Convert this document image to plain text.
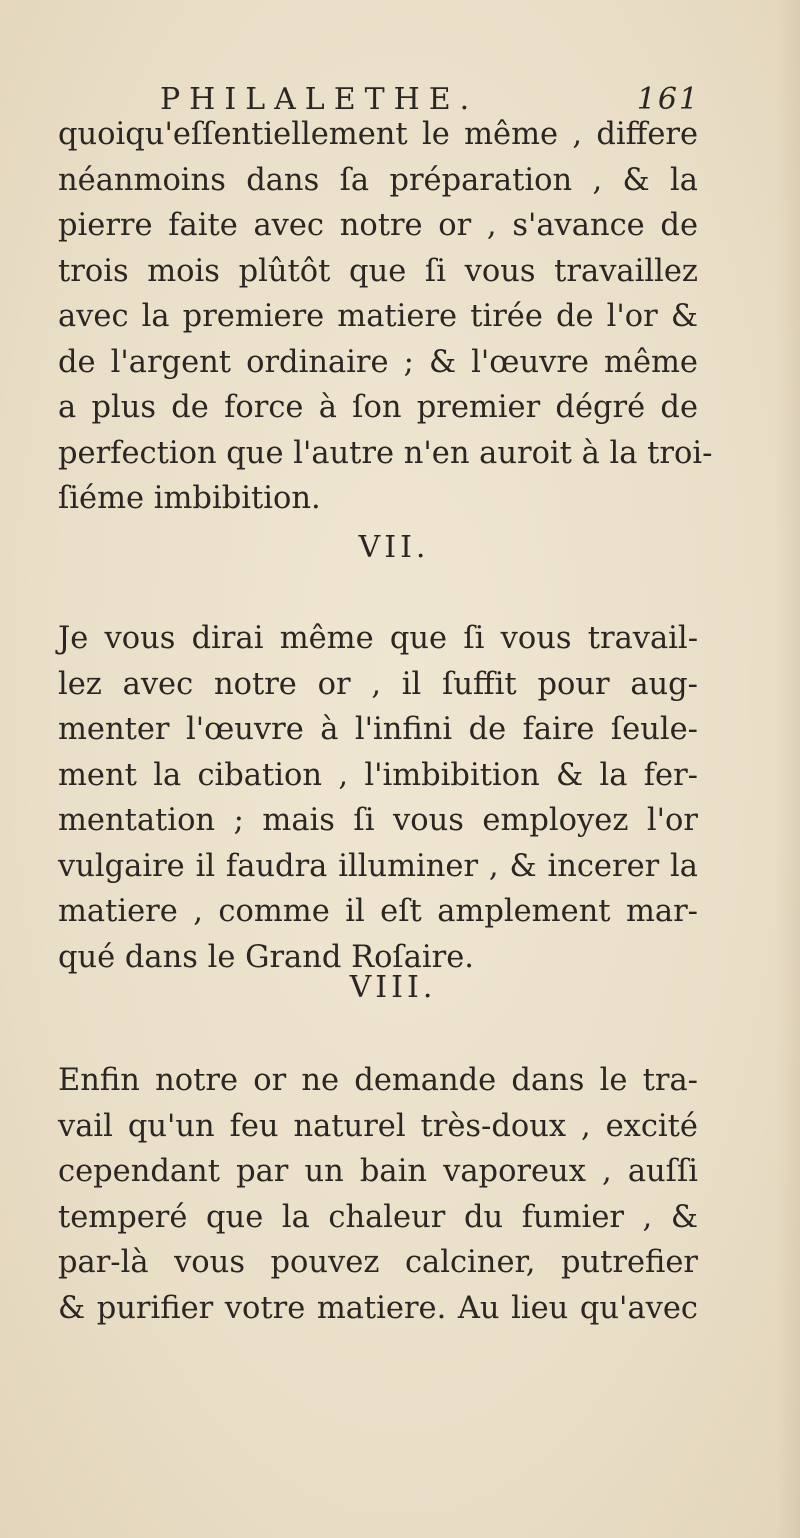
PHILALETHE.	161
quoiqu'eſſentiellement le même , differe
néanmoins dans ſa préparation , & la
pierre faite avec notre or , s'avance de
trois mois plûtôt que ſi vous travaillez
avec la premiere matiere tirée de l'or &
de l'argent ordinaire ; & l'œuvre même
a plus de force à ſon premier dégré de
perfection que l'autre n'en auroit à la troi-
ſiéme imbibition.
VII.
Je vous dirai même que ſi vous travail-
lez avec notre or , il ſuffit pour aug-
menter l'œuvre à l'infini de faire ſeule-
ment la cibation , l'imbibition & la fer-
mentation ; mais ſi vous employez l'or
vulgaire il faudra illuminer , & incerer la
matiere , comme il eſt amplement mar-
qué dans le Grand Roſaire.
VIII.
Enfin notre or ne demande dans le tra-
vail qu'un feu naturel très-doux , excité
cependant par un bain vaporeux , auſſi
temperé que la chaleur du fumier , &
par-là vous pouvez calciner, putrefier
& purifier votre matiere. Au lieu qu'avec
